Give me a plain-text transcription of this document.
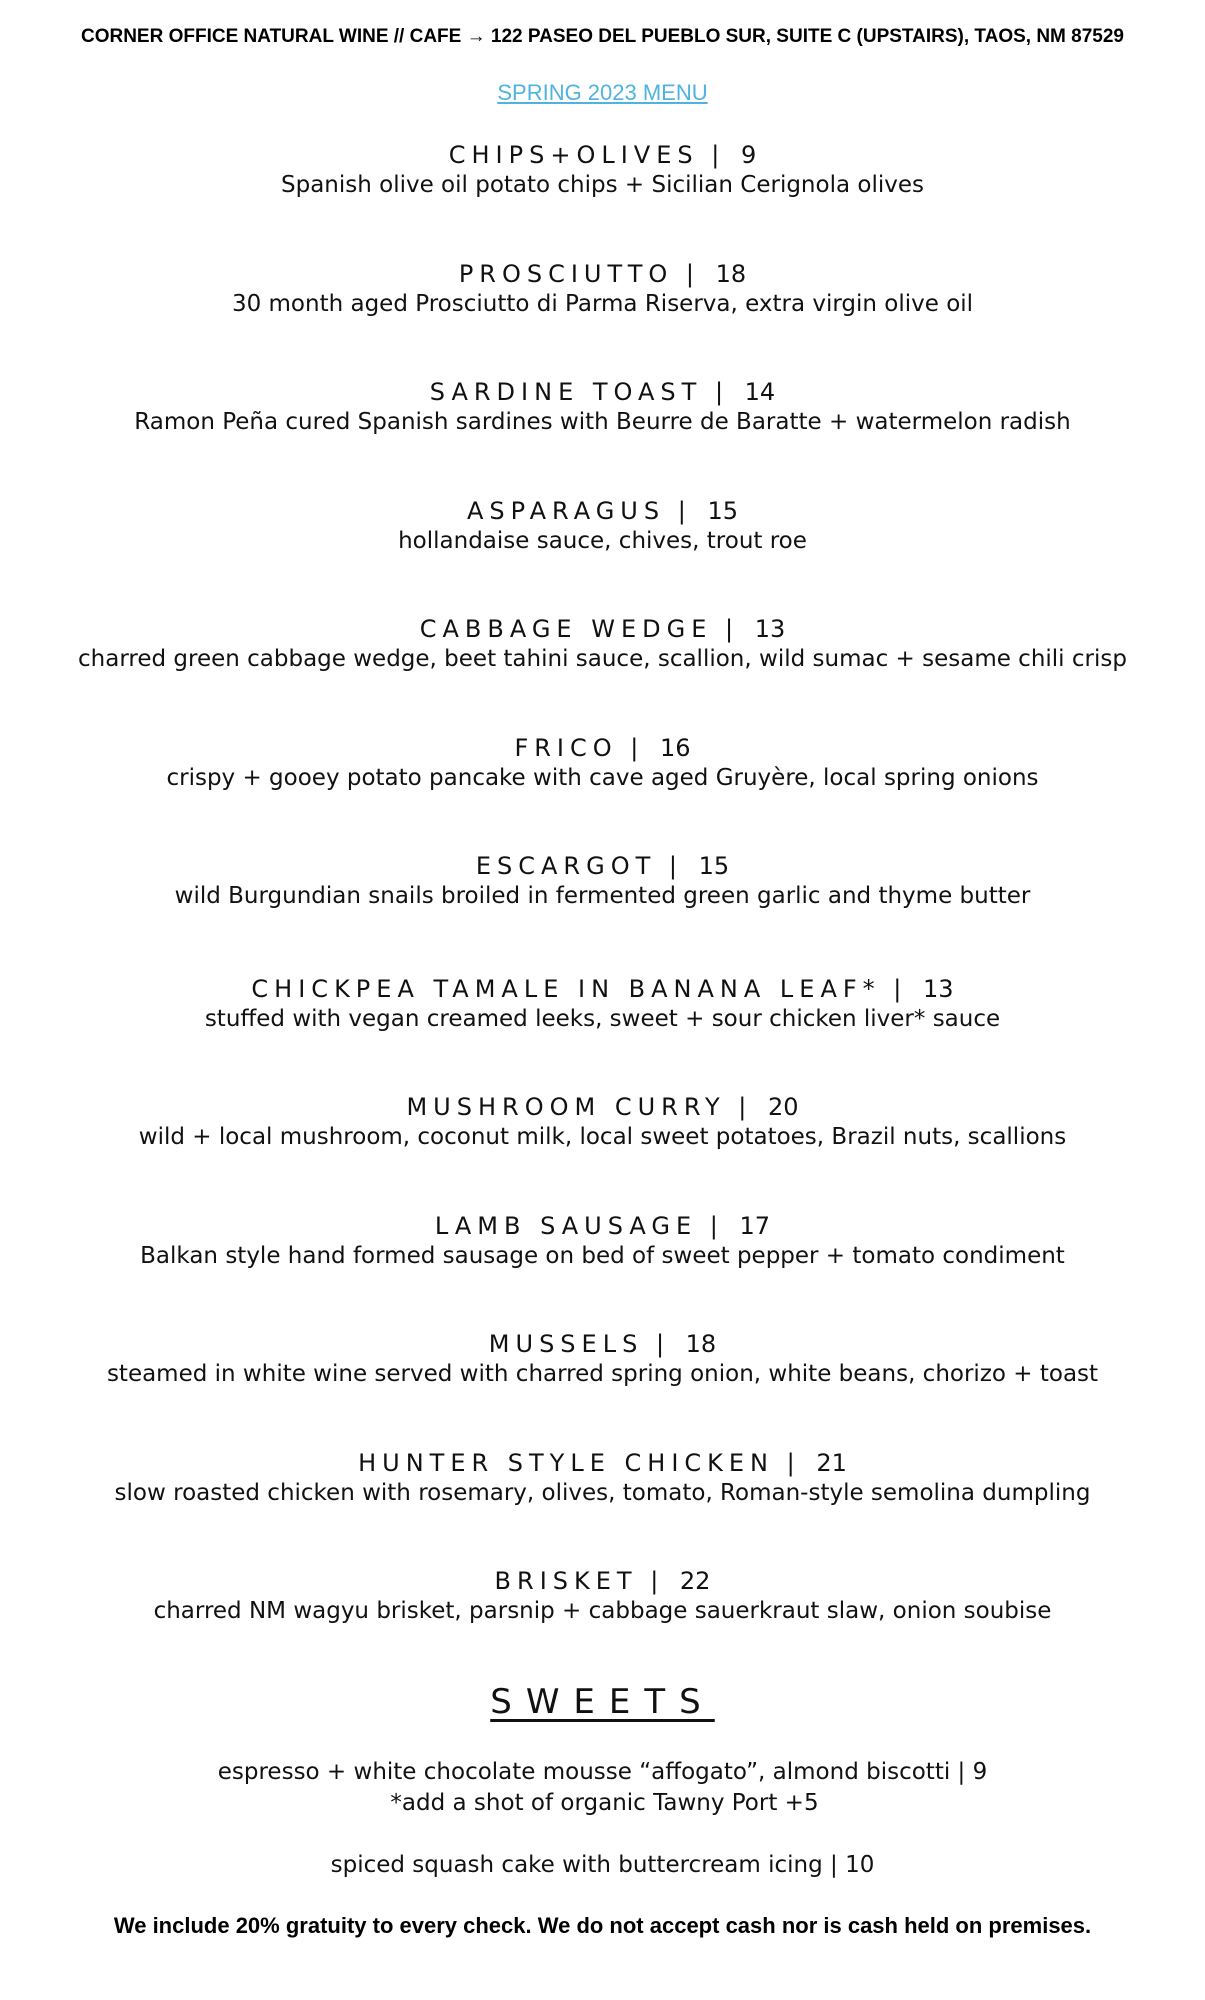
CORNER OFFICE NATURAL WINE // CAFE → 122 PASEO DEL PUEBLO SUR, SUITE C (UPSTAIRS), TAOS, NM 87529
SPRING 2023 MENU
CHIPS+OLIVES | 9
Spanish olive oil potato chips + Sicilian Cerignola olives
PROSCIUTTO | 18
30 month aged Prosciutto di Parma Riserva, extra virgin olive oil
SARDINE TOAST | 14
Ramon Peña cured Spanish sardines with Beurre de Baratte + watermelon radish
ASPARAGUS | 15
hollandaise sauce, chives, trout roe
CABBAGE WEDGE | 13
charred green cabbage wedge, beet tahini sauce, scallion, wild sumac + sesame chili crisp
FRICO | 16
crispy + gooey potato pancake with cave aged Gruyère, local spring onions
ESCARGOT | 15
wild Burgundian snails broiled in fermented green garlic and thyme butter
CHICKPEA TAMALE IN BANANA LEAF* | 13
stuffed with vegan creamed leeks, sweet + sour chicken liver* sauce
MUSHROOM CURRY | 20
wild + local mushroom, coconut milk, local sweet potatoes, Brazil nuts, scallions
LAMB SAUSAGE | 17
Balkan style hand formed sausage on bed of sweet pepper + tomato condiment
MUSSELS | 18
steamed in white wine served with charred spring onion, white beans, chorizo + toast
HUNTER STYLE CHICKEN | 21
slow roasted chicken with rosemary, olives, tomato, Roman-style semolina dumpling
BRISKET | 22
charred NM wagyu brisket, parsnip + cabbage sauerkraut slaw, onion soubise
SWEETS
espresso + white chocolate mousse “affogato”, almond biscotti | 9
*add a shot of organic Tawny Port +5
spiced squash cake with buttercream icing | 10
We include 20% gratuity to every check. We do not accept cash nor is cash held on premises.
